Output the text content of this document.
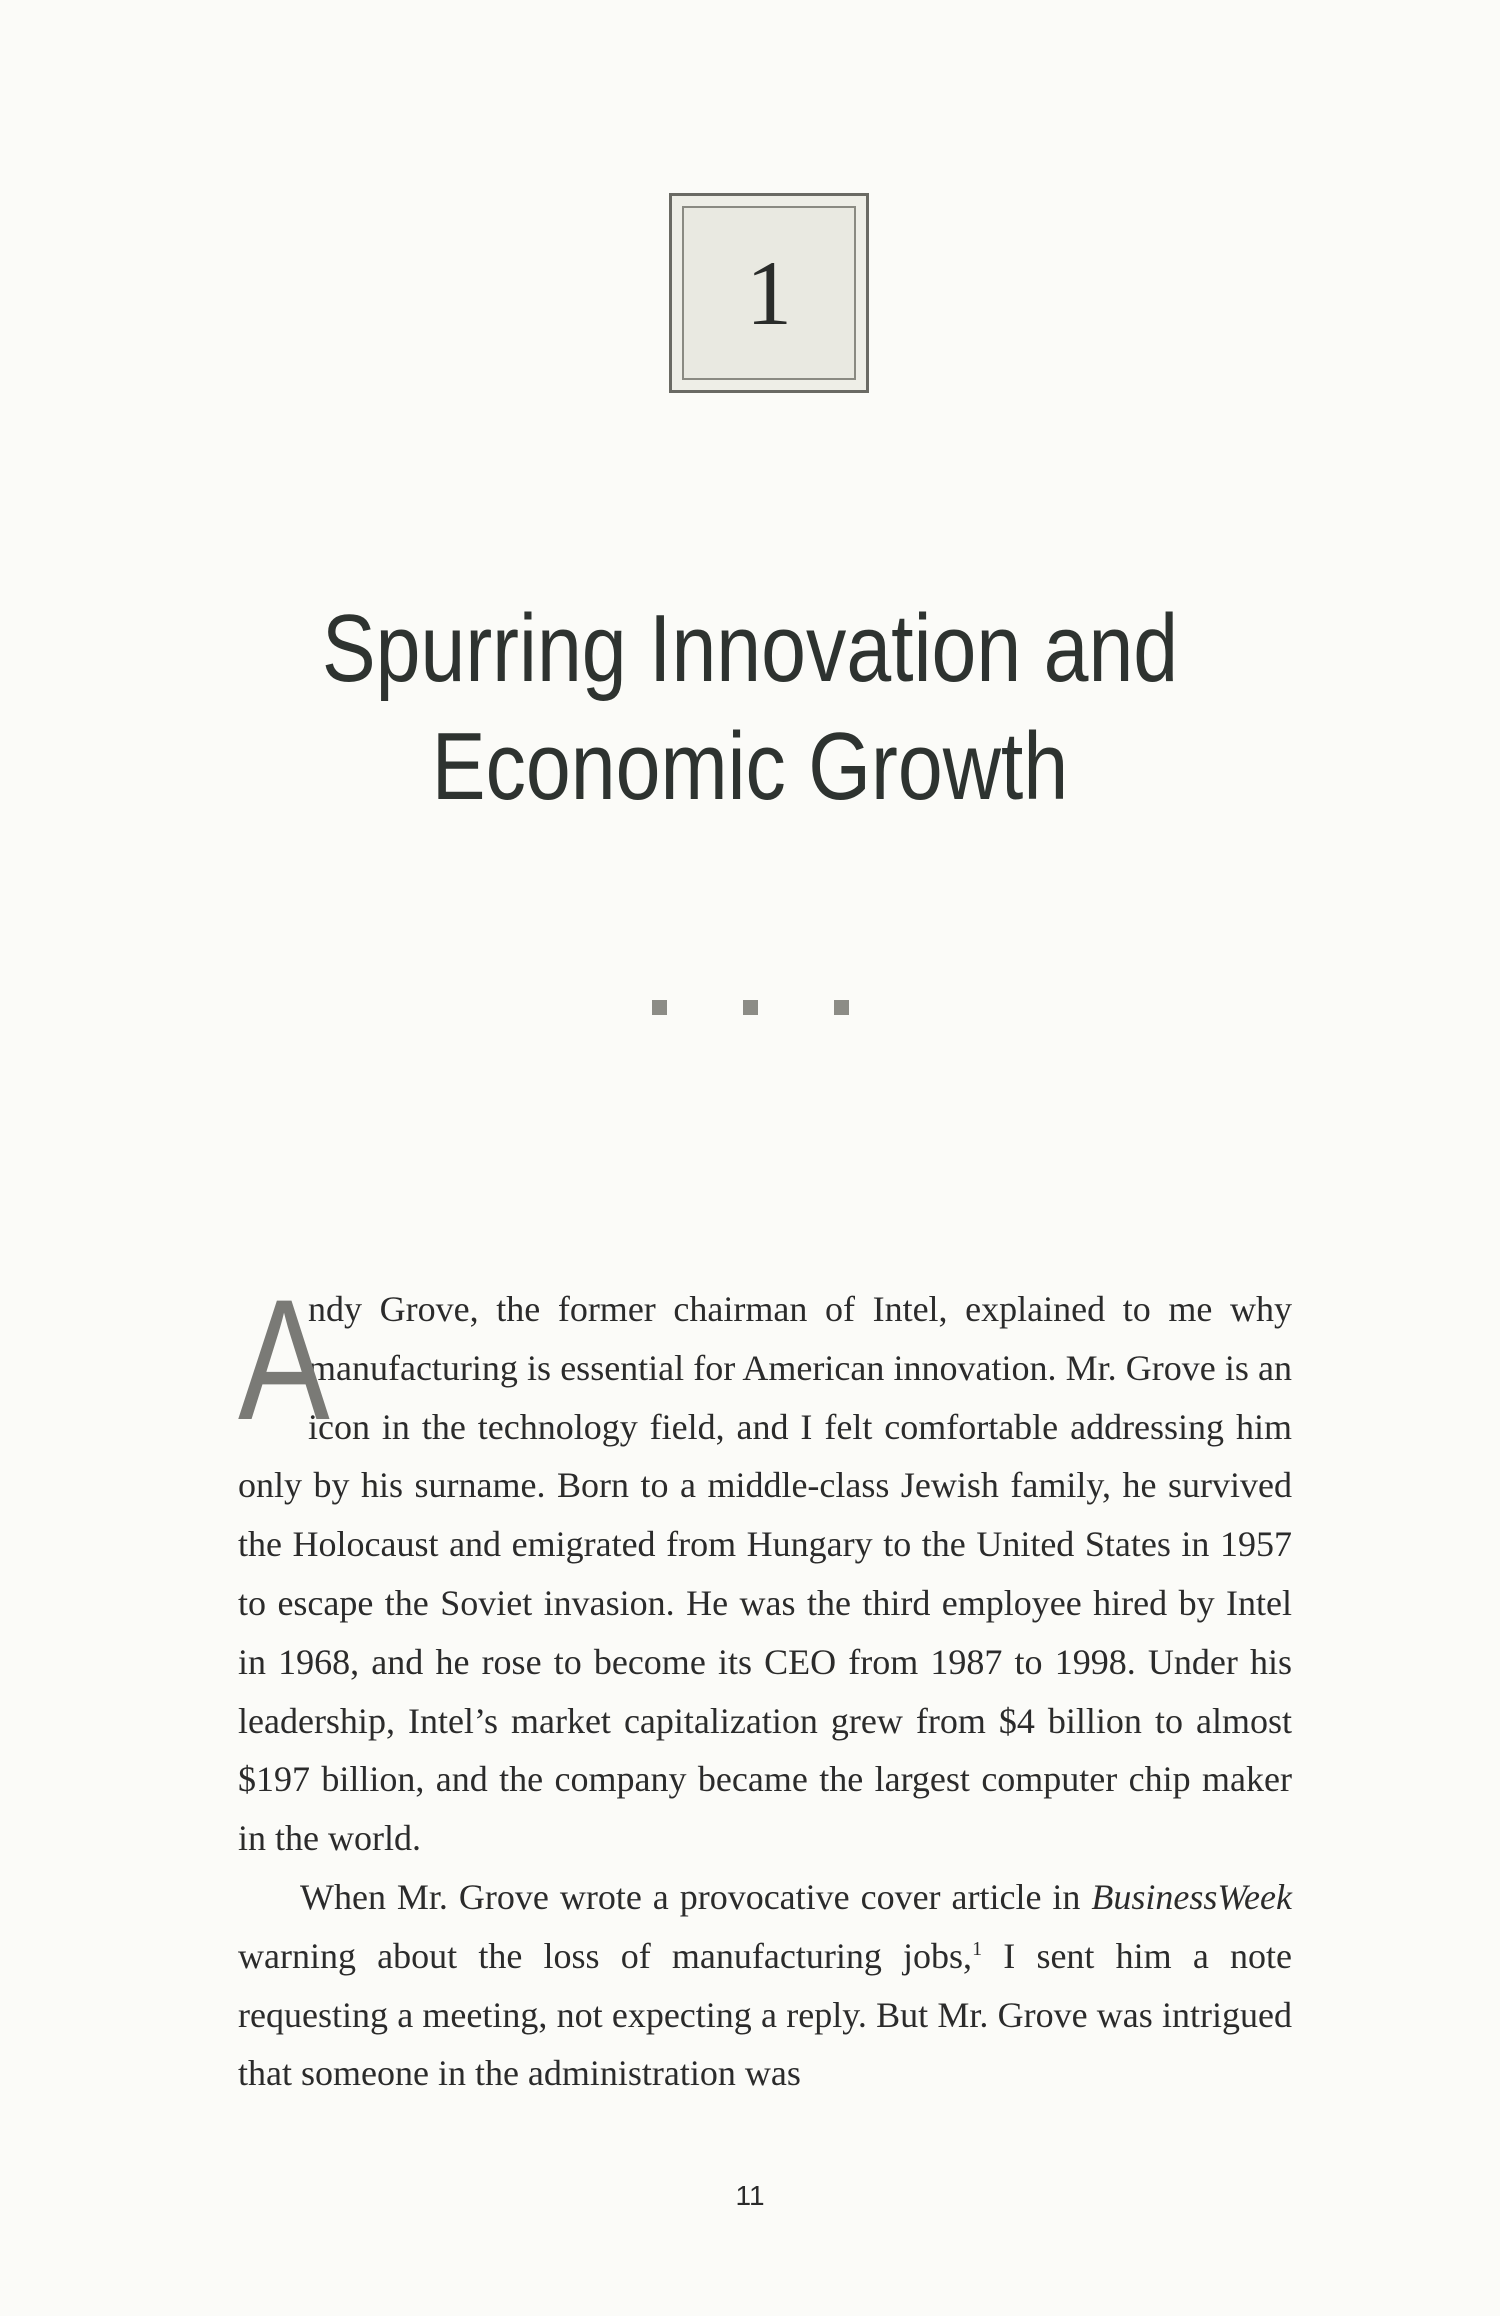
1
Spurring Innovation and
Economic Growth

A
ndy Grove, the former chairman of Intel, explained to me why manufacturing is essential for American innovation. Mr. Grove is an icon in the technology field, and I felt comfortable addressing him only by his surname. Born to a middle-class Jewish family, he survived the Holocaust and emigrated from Hungary to the United States in 1957 to escape the Soviet invasion. He was the third employee hired by Intel in 1968, and he rose to become its CEO from 1987 to 1998. Under his leadership, Intel’s market capitalization grew from $4 billion to almost $197 billion, and the company became the largest computer chip maker in the world.

When Mr. Grove wrote a provocative cover article in BusinessWeek warning about the loss of manufacturing jobs,$^1$ I sent him a note requesting a meeting, not expecting a reply. But Mr. Grove was intrigued that someone in the administration was

11
